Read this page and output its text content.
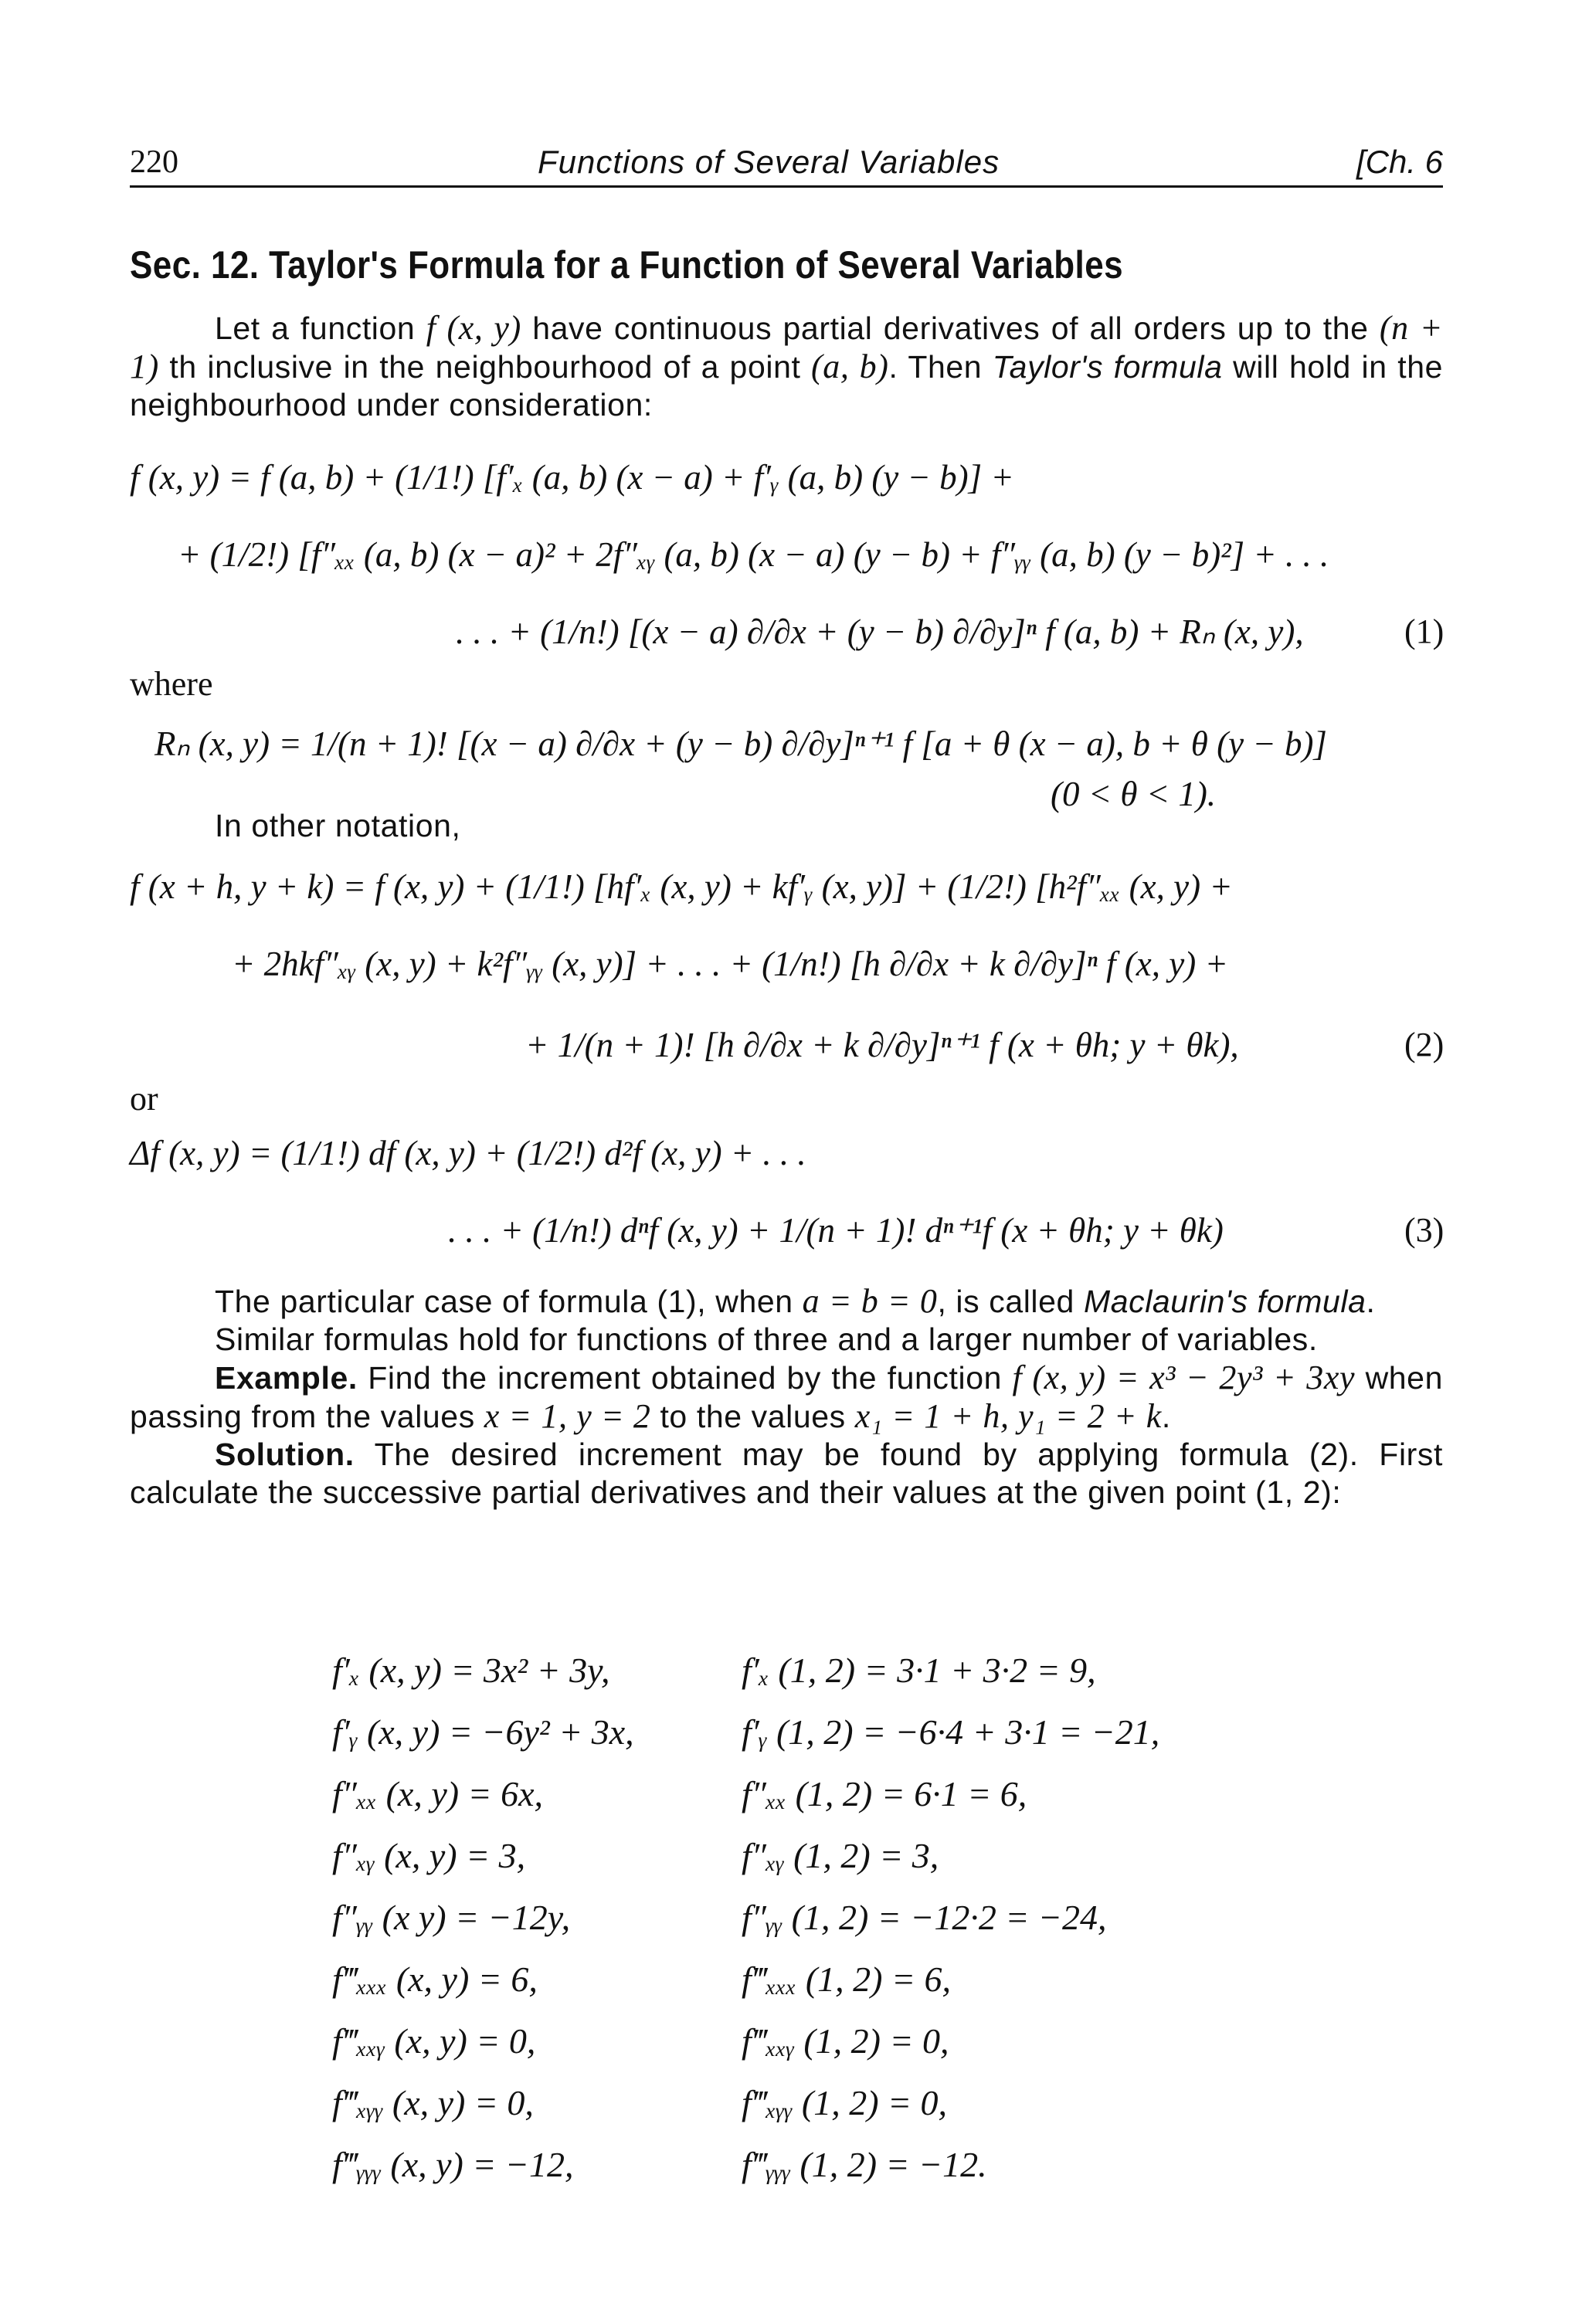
220	Functions of Several Variables	[Ch. 6
Sec. 12. Taylor's Formula for a Function of Several Variables

Let a function f (x, y) have continuous partial derivatives of all orders up to the (n + 1) th inclusive in the neighbourhood of a point (a, b). Then Taylor's formula will hold in the neighbourhood under consideration:

f (x, y) = f (a, b) + (1/1!) [f′ₓ (a, b) (x − a) + f′ᵧ (a, b) (y − b)] +
+ (1/2!) [f″ₓₓ (a, b) (x − a)² + 2f″ₓᵧ (a, b) (x − a) (y − b) + f″ᵧᵧ (a, b) (y − b)²] + . . .
. . . + (1/n!) [(x − a) ∂/∂x + (y − b) ∂/∂y]ⁿ f (a, b) + Rₙ (x, y),	(1)
where
Rₙ (x, y) = 1/(n + 1)! [(x − a) ∂/∂x + (y − b) ∂/∂y]ⁿ⁺¹ f [a + θ (x − a), b + θ (y − b)]
(0 < θ < 1).

In other notation,

f (x + h, y + k) = f (x, y) + (1/1!) [hf′ₓ (x, y) + kf′ᵧ (x, y)] + (1/2!) [h²f″ₓₓ (x, y) +
+ 2hkf″ₓᵧ (x, y) + k²f″ᵧᵧ (x, y)] + . . . + (1/n!) [h ∂/∂x + k ∂/∂y]ⁿ f (x, y) +
+ 1/(n + 1)! [h ∂/∂x + k ∂/∂y]ⁿ⁺¹ f (x + θh; y + θk),	(2)
or
Δf (x, y) = (1/1!) df (x, y) + (1/2!) d²f (x, y) + . . .
. . . + (1/n!) dⁿf (x, y) + 1/(n + 1)! dⁿ⁺¹f (x + θh; y + θk)	(3)

The particular case of formula (1), when a = b = 0, is called Maclaurin's formula.

Similar formulas hold for functions of three and a larger number of variables.

Example. Find the increment obtained by the function f (x, y) = x³ − 2y³ + 3xy when passing from the values x = 1, y = 2 to the values x₁ = 1 + h, y₁ = 2 + k.

Solution. The desired increment may be found by applying formula (2). First calculate the successive partial derivatives and their values at the given point (1, 2):

f′ₓ (x, y) = 3x² + 3y,	f′ₓ (1, 2) = 3·1 + 3·2 = 9,
f′ᵧ (x, y) = −6y² + 3x,	f′ᵧ (1, 2) = −6·4 + 3·1 = −21,
f″ₓₓ (x, y) = 6x,	f″ₓₓ (1, 2) = 6·1 = 6,
f″ₓᵧ (x, y) = 3,	f″ₓᵧ (1, 2) = 3,
f″ᵧᵧ (x y) = −12y,	f″ᵧᵧ (1, 2) = −12·2 = −24,
f‴ₓₓₓ (x, y) = 6,	f‴ₓₓₓ (1, 2) = 6,
f‴ₓₓᵧ (x, y) = 0,	f‴ₓₓᵧ (1, 2) = 0,
f‴ₓᵧᵧ (x, y) = 0,	f‴ₓᵧᵧ (1, 2) = 0,
f‴ᵧᵧᵧ (x, y) = −12,	f‴ᵧᵧᵧ (1, 2) = −12.
